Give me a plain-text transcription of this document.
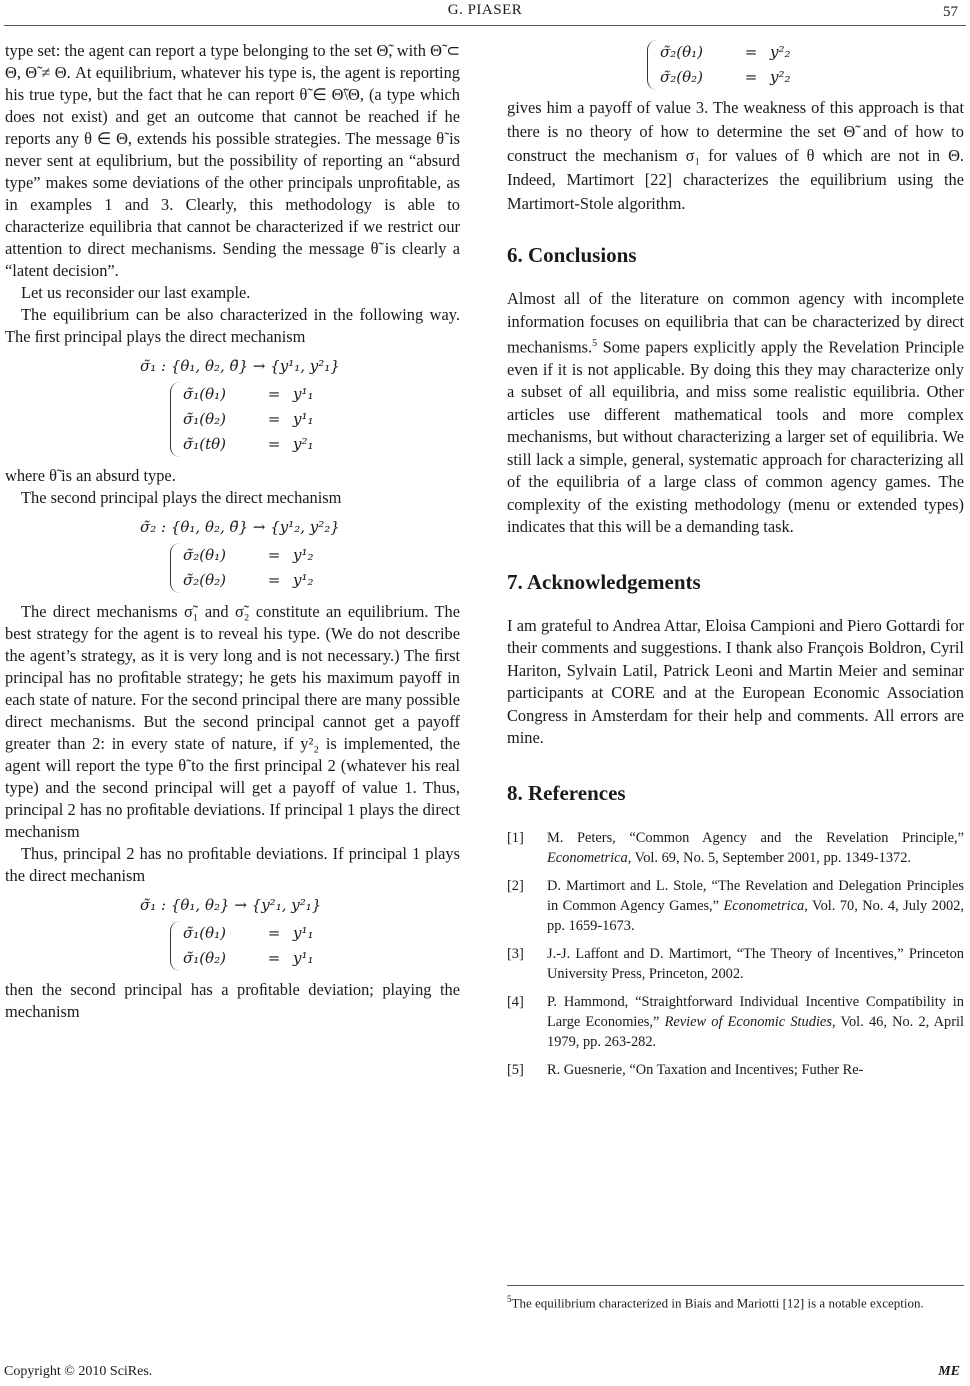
G. PIASER	57

type set: the agent can report a type belonging to the set Θ̃, with Θ̃ ⊂ Θ, Θ̃ ≠ Θ. At equilibrium, whatever his type is, the agent is reporting his true type, but the fact that he can report θ̃ ∈ Θ̃\Θ, (a type which does not exist) and get an outcome that cannot be reached if he reports any θ ∈ Θ, extends his possible strategies. The message θ̃ is never sent at equlibrium, but the possibility of reporting an “absurd type” makes some deviations of the other principals unproﬁtable, as in examples 1 and 3. Clearly, this methodology is able to characterize equilibria that cannot be characterized if we restrict our attention to direct mechanisms. Sending the message θ̃ is clearly a “latent decision”.

Let us reconsider our last example.

The equilibrium can be also characterized in the following way. The ﬁrst principal plays the direct mechanism

σ̃₁ : {θ₁, θ₂, θ̃} → {y¹₁, y²₁}
σ̃₁(θ₁)	= y¹₁
σ̃₁(θ₂)	= y¹₁
σ̃₁(tθ)	= y²₁

where θ̃ is an absurd type.

The second principal plays the direct mechanism

σ̃₂ : {θ₁, θ₂, θ̃} → {y¹₂, y²₂}
σ̃₂(θ₁)	= y¹₂
σ̃₂(θ₂)	= y¹₂

The direct mechanisms σ̃₁ and σ̃₂ constitute an equilibrium. The best strategy for the agent is to reveal his type. (We do not describe the agent’s strategy, as it is very long and is not necessary.) The ﬁrst principal has no proﬁtable strategy; he gets his maximum payoff in each state of nature. For the second principal there are many possible direct mechanisms. But the second principal cannot get a payoff greater than 2: in every state of nature, if y²₂ is implemented, the agent will report the type θ̃ to the ﬁrst principal 2 (whatever his real type) and the second principal will get a payoff of value 1. Thus, principal 2 has no proﬁtable deviations. If principal 1 plays the direct mechanism

Thus, principal 2 has no proﬁtable deviations. If principal 1 plays the direct mechanism

σ̃₁ : {θ₁, θ₂} → {y²₁, y²₁}
σ̃₁(θ₁)	= y¹₁
σ̃₁(θ₂)	= y¹₁

then the second principal has a proﬁtable deviation; playing the mechanism

σ̃₂(θ₁)	= y²₂
σ̃₂(θ₂)	= y²₂

gives him a payoff of value 3. The weakness of this approach is that there is no theory of how to determine the set Θ̃ and of how to construct the mechanism σ₁ for values of θ which are not in Θ. Indeed, Martimort [22] characterizes the equilibrium using the Martimort-Stole algorithm.

6. Conclusions

Almost all of the literature on common agency with incomplete information focuses on equilibria that can be characterized by direct mechanisms.$^5$ Some papers explicitly apply the Revelation Principle even if it is not applicable. By doing this they may characterize only a subset of all equilibria, and miss some realistic equilibria. Other articles use different mathematical tools and more complex mechanisms, but without characterizing a larger set of equilibria. We still lack a simple, general, systematic approach for characterizing all of the equilibria of a large class of common agency games. The complexity of the existing methodology (menu or extended types) indicates that this will be a demanding task.

7. Acknowledgements

I am grateful to Andrea Attar, Eloisa Campioni and Piero Gottardi for their comments and suggestions. I thank also François Boldron, Cyril Hariton, Sylvain Latil, Patrick Leoni and Martin Meier and seminar participants at CORE and at the European Economic Association Congress in Amsterdam for their help and comments. All errors are mine.

8. References
[1]	M. Peters, “Common Agency and the Revelation Principle,” Econometrica, Vol. 69, No. 5, September 2001, pp. 1349-1372.
[2]	D. Martimort and L. Stole, “The Revelation and Delegation Principles in Common Agency Games,” Econometrica, Vol. 70, No. 4, July 2002, pp. 1659-1673.
[3]	J.-J. Laffont and D. Martimort, “The Theory of Incentives,” Princeton University Press, Princeton, 2002.
[4]	P. Hammond, “Straightforward Individual Incentive Compatibility in Large Economies,” Review of Economic Studies, Vol. 46, No. 2, April 1979, pp. 263-282.
[5]	R. Guesnerie, “On Taxation and Incentives; Futher Re-
$^5$The equilibrium characterized in Biais and Mariotti [12] is a notable exception.
Copyright © 2010 SciRes.	ME
